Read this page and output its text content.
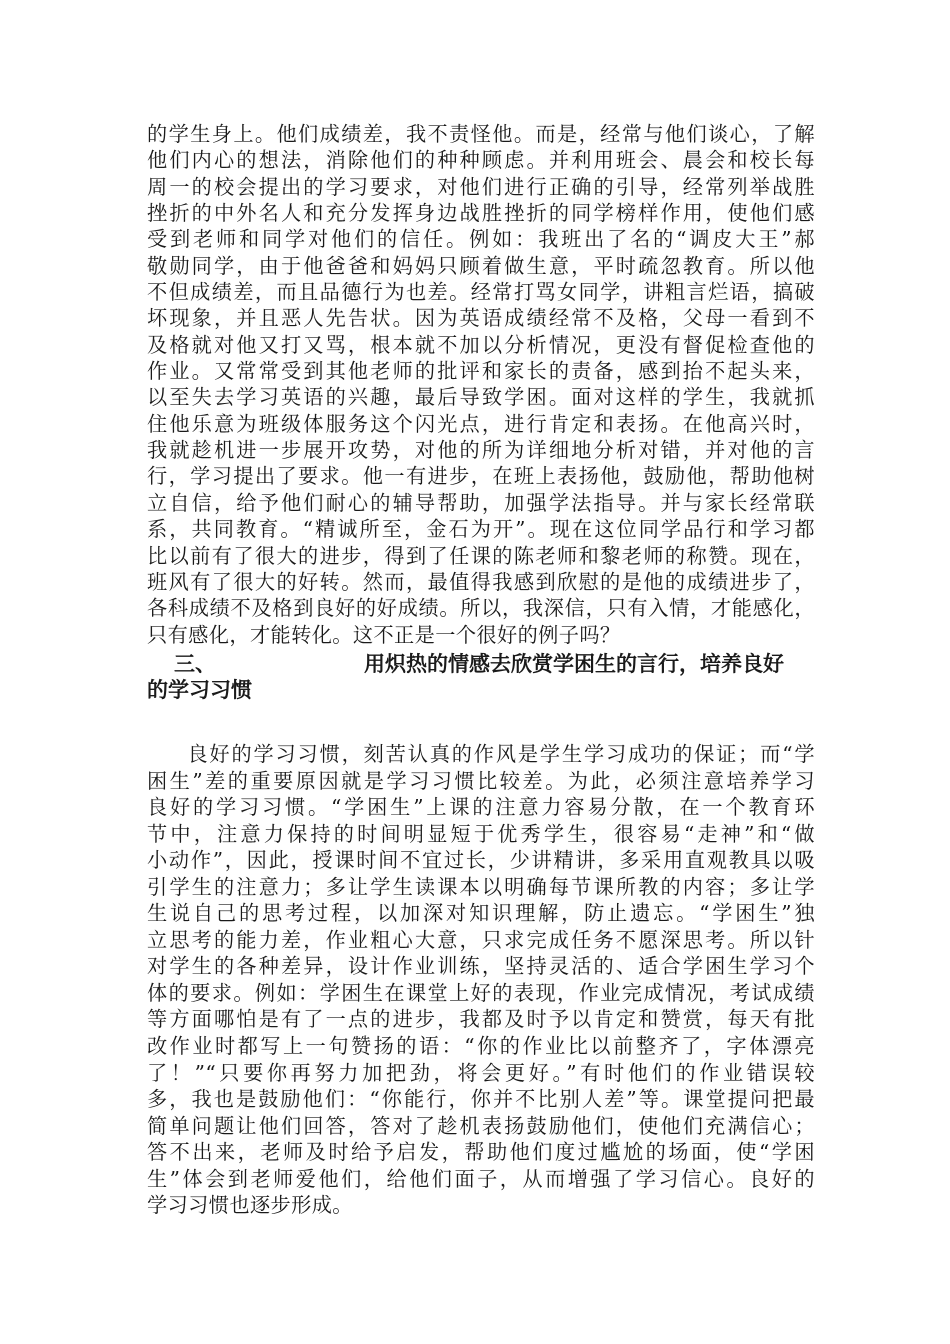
的学生身上。他们成绩差，我不责怪他。而是，经常与他们谈心，了解
他们内心的想法，消除他们的种种顾虑。并利用班会、晨会和校长每
周一的校会提出的学习要求，对他们进行正确的引导，经常列举战胜
挫折的中外名人和充分发挥身边战胜挫折的同学榜样作用，使他们感
受到老师和同学对他们的信任。例如：我班出了名的“调皮大王”郝
敬勋同学，由于他爸爸和妈妈只顾着做生意，平时疏忽教育。所以他
不但成绩差，而且品德行为也差。经常打骂女同学，讲粗言烂语，搞破
坏现象，并且恶人先告状。因为英语成绩经常不及格，父母一看到不
及格就对他又打又骂，根本就不加以分析情况，更没有督促检查他的
作业。又常常受到其他老师的批评和家长的责备，感到抬不起头来，
以至失去学习英语的兴趣，最后导致学困。面对这样的学生，我就抓
住他乐意为班级体服务这个闪光点，进行肯定和表扬。在他高兴时，
我就趁机进一步展开攻势，对他的所为详细地分析对错，并对他的言
行，学习提出了要求。他一有进步，在班上表扬他，鼓励他，帮助他树
立自信，给予他们耐心的辅导帮助，加强学法指导。并与家长经常联
系，共同教育。“精诚所至，金石为开”。现在这位同学品行和学习都
比以前有了很大的进步，得到了任课的陈老师和黎老师的称赞。现在，
班风有了很大的好转。然而，最值得我感到欣慰的是他的成绩进步了，
各科成绩不及格到良好的好成绩。所以，我深信，只有入情，才能感化，
只有感化，才能转化。这不正是一个很好的例子吗？
三、	用炽热的情感去欣赏学困生的言行，培养良好
的学习习惯
良好的学习习惯，刻苦认真的作风是学生学习成功的保证；而“学
困生”差的重要原因就是学习习惯比较差。为此，必须注意培养学习
良好的学习习惯。“学困生”上课的注意力容易分散，在一个教育环
节中，注意力保持的时间明显短于优秀学生，很容易“走神”和“做
小动作”，因此，授课时间不宜过长，少讲精讲，多采用直观教具以吸
引学生的注意力；多让学生读课本以明确每节课所教的内容；多让学
生说自己的思考过程，以加深对知识理解，防止遗忘。“学困生”独
立思考的能力差，作业粗心大意，只求完成任务不愿深思考。所以针
对学生的各种差异，设计作业训练，坚持灵活的、适合学困生学习个
体的要求。例如：学困生在课堂上好的表现，作业完成情况，考试成绩
等方面哪怕是有了一点的进步，我都及时予以肯定和赞赏，每天有批
改作业时都写上一句赞扬的语：“你的作业比以前整齐了，字体漂亮
了！”“只要你再努力加把劲，将会更好。”有时他们的作业错误较
多，我也是鼓励他们：“你能行，你并不比别人差”等。课堂提问把最
简单问题让他们回答，答对了趁机表扬鼓励他们，使他们充满信心；
答不出来，老师及时给予启发，帮助他们度过尴尬的场面，使“学困
生”体会到老师爱他们，给他们面子，从而增强了学习信心。良好的
学习习惯也逐步形成。
